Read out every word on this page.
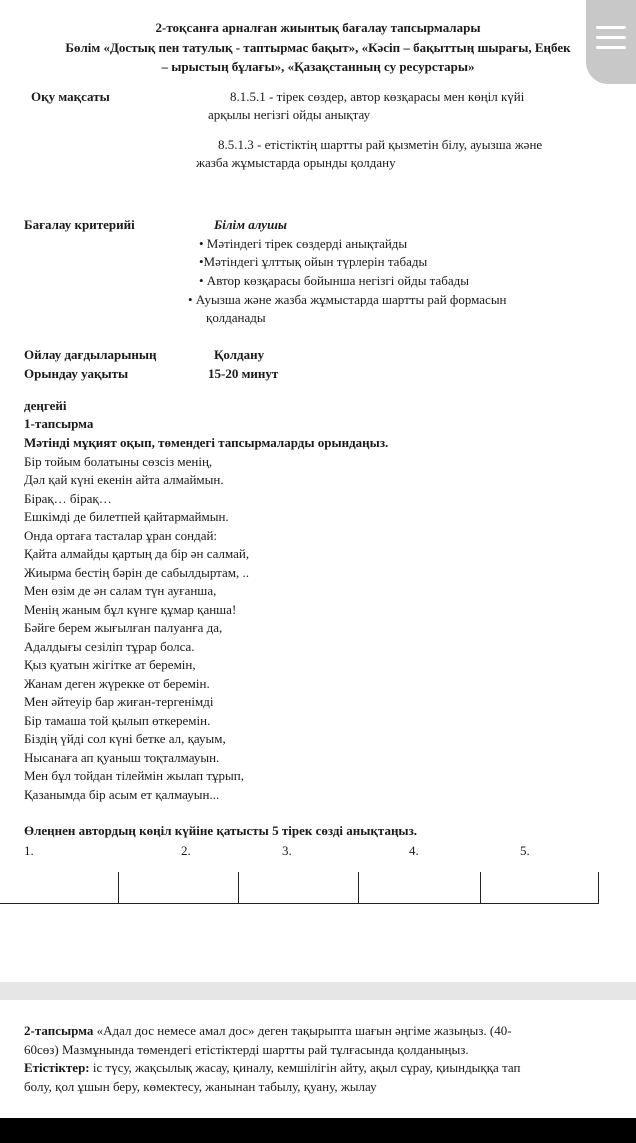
2-тоқсанға арналған жиынтық бағалау тапсырмалары
Бөлім «Достық пен татулық - таптырмас бақыт», «Кәсіп – бақыттың шырағы, Еңбек
– ырыстың бұлағы», «Қазақстанның су ресурстары»
Оқу мақсаты	8.1.5.1 - тірек сөздер, автор көзқарасы мен көңіл күйі
арқылы негізгі ойды анықтау
8.5.1.3 - етістіктің шартты рай қызметін білу, ауызша және
жазба жұмыстарда орынды қолдану
Бағалау критерийі	Білім алушы
• Мәтіндегі тірек сөздерді анықтайды
•Мәтіндегі ұлттық ойын түрлерін табады
• Автор көзқарасы бойынша негізгі ойды табады
• Ауызша және жазба жұмыстарда шартты рай формасын
қолданады
Ойлау дағдыларының	Қолдану
Орындау уақыты	15-20 минут
деңгейі
1-тапсырма
Мәтінді мұқият оқып, төмендегі тапсырмаларды орындаңыз.
Бір тойым болатыны сөзсіз менің,
Дәл қай күні екенін айта алмаймын.
Бірақ… бірақ…
Ешкімді де билетпей қайтармаймын.
Онда ортаға тасталар ұран сондай:
Қайта алмайды қартың да бір ән салмай,
Жиырма бестің бәрін де сабылдыртам, ..
Мен өзім де ән салам түн ауғанша,
Менің жаным бұл күнге құмар қанша!
Бәйге берем жығылған палуанға да,
Адалдығы сезіліп тұрар болса.
Қыз қуатын жігітке ат беремін,
Жанам деген жүрекке от беремін.
Мен әйтеуір бар жиған-тергенімді
Бір тамаша той қылып өткеремін.
Біздің үйді сол күні бетке ал, қауым,
Нысанаға ап қуаныш тоқталмауын.
Мен бұл тойдан тілеймін жылап тұрып,
Қазанымда бір асым ет қалмауын...
Өлеңнен автордың көңіл күйіне қатысты 5 тірек сөзді анықтаңыз.
1.	2.	3.	4.	5.
2-тапсырма «Адал дос немесе амал дос» деген тақырыпта шағын әңгіме жазыңыз. (40-
60сөз) Мазмұнында төмендегі етістіктерді шартты рай тұлғасында қолданыңыз.
Етістіктер: іс түсу, жақсылық жасау, қиналу, кемшілігін айту, ақыл сұрау, қиындыққа тап
болу, қол ұшын беру, көмектесу, жанынан табылу, қуану, жылау
